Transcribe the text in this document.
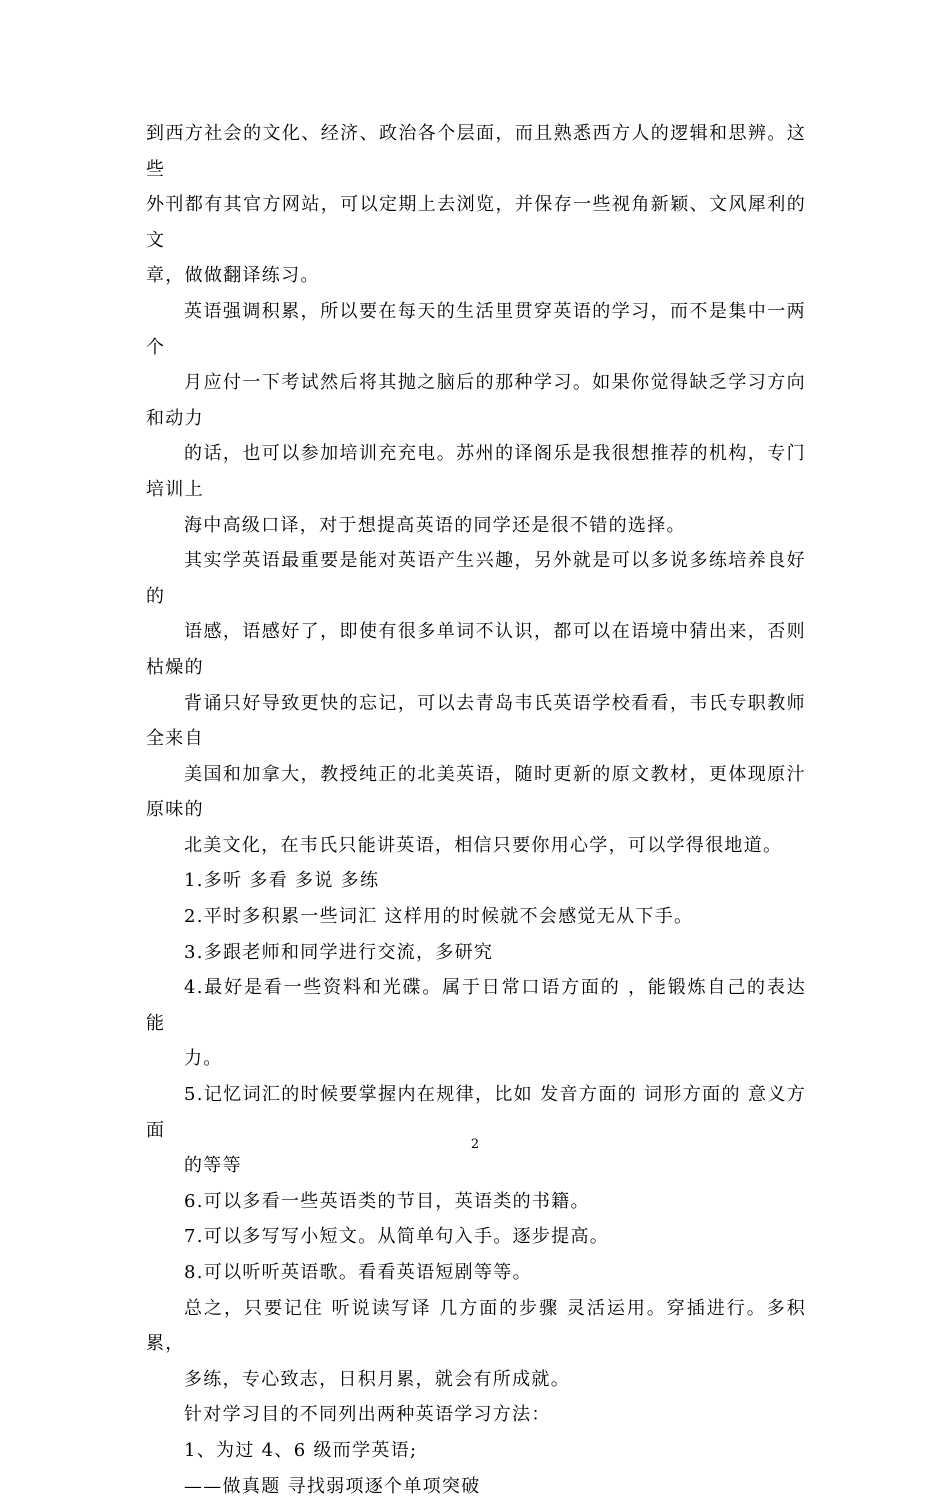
到西方社会的文化、经济、政治各个层面，而且熟悉西方人的逻辑和思辨。这些
外刊都有其官方网站，可以定期上去浏览，并保存一些视角新颖、文风犀利的文
章，做做翻译练习。

英语强调积累，所以要在每天的生活里贯穿英语的学习，而不是集中一两个
月应付一下考试然后将其抛之脑后的那种学习。如果你觉得缺乏学习方向和动力
的话，也可以参加培训充充电。苏州的译阁乐是我很想推荐的机构，专门培训上
海中高级口译，对于想提高英语的同学还是很不错的选择。

其实学英语最重要是能对英语产生兴趣，另外就是可以多说多练培养良好的
语感，语感好了，即使有很多单词不认识，都可以在语境中猜出来，否则枯燥的
背诵只好导致更快的忘记，可以去青岛韦氏英语学校看看，韦氏专职教师全来自
美国和加拿大，教授纯正的北美英语，随时更新的原文教材，更体现原汁原味的
北美文化，在韦氏只能讲英语，相信只要你用心学，可以学得很地道。

1.多听 多看 多说 多练

2.平时多积累一些词汇 这样用的时候就不会感觉无从下手。

3.多跟老师和同学进行交流，多研究

4.最好是看一些资料和光碟。属于日常口语方面的 ，能锻炼自己的表达能
力。

5.记忆词汇的时候要掌握内在规律，比如 发音方面的 词形方面的 意义方面
的等等

6.可以多看一些英语类的节目，英语类的书籍。

7.可以多写写小短文。从简单句入手。逐步提高。

8.可以听听英语歌。看看英语短剧等等。

总之，只要记住 听说读写译 几方面的步骤 灵活运用。穿插进行。多积累，
多练，专心致志，日积月累，就会有所成就。

针对学习目的不同列出两种英语学习方法：

1、为过 4、6 级而学英语;

——做真题 寻找弱项逐个单项突破

2
